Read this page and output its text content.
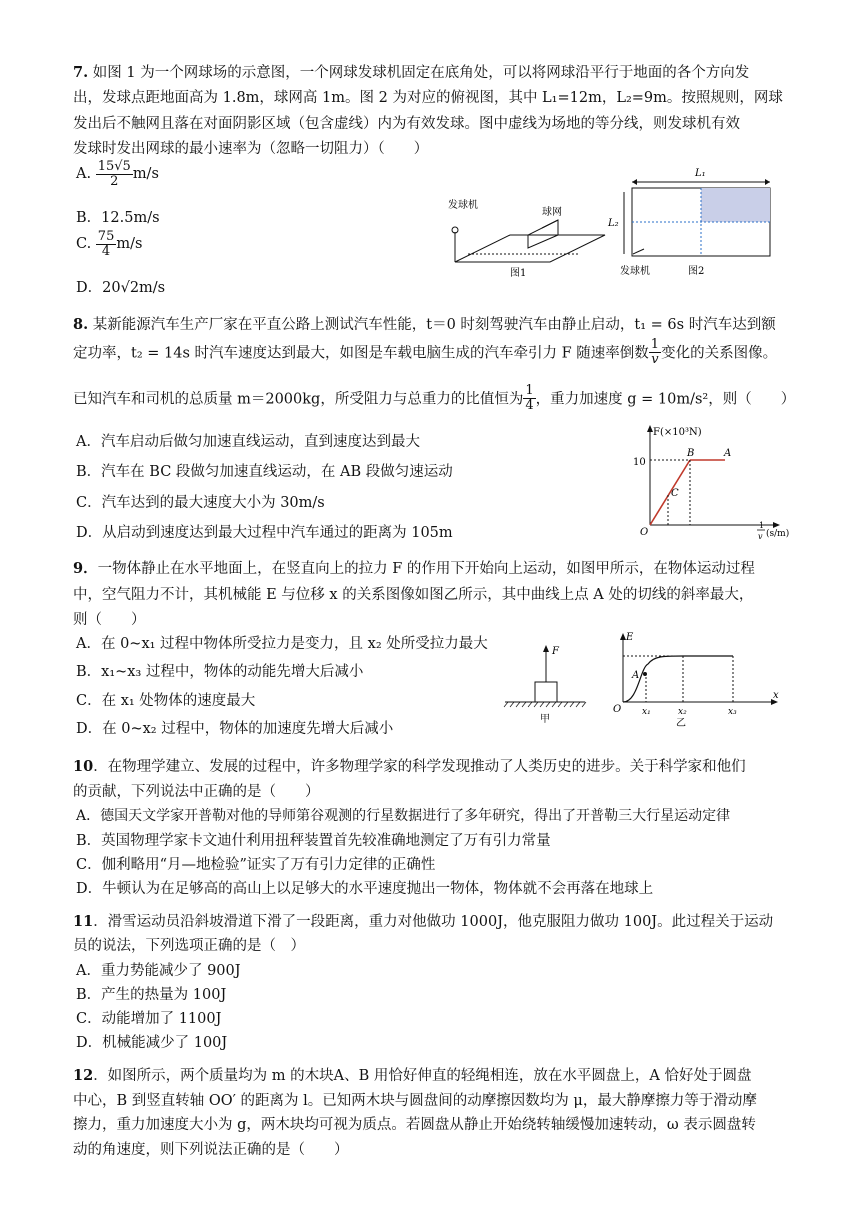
7. 如图 1 为一个网球场的示意图，一个网球发球机固定在底角处，可以将网球沿平行于地面的各个方向发
出，发球点距地面高为 1.8m，球网高 1m。图 2 为对应的俯视图，其中 L₁=12m，L₂=9m。按照规则，网球
发出后不触网且落在对面阴影区域（包含虚线）内为有效发球。图中虚线为场地的等分线，则发球机有效
发球时发出网球的最小速率为（忽略一切阻力）（　　）
A. $\frac{15√5}{2} m/s$
B．12.5m/s
C. $\frac{75}{4} m/s$
D．20√2m/s
发球机
球网
图1
L₁
L₂
发球机	图2
8. 某新能源汽车生产厂家在平直公路上测试汽车性能，t＝0 时刻驾驶汽车由静止启动，t₁ = 6s 时汽车达到额
定功率，t₂ = 14s 时汽车速度达到最大，如图是车载电脑生成的汽车牵引力 F 随速率倒数 $\frac{1}{v}$ 变化的关系图像。
已知汽车和司机的总质量 m＝2000kg，所受阻力与总重力的比值恒为 $\frac{1}{4}$ ，重力加速度 g = 10m/s²，则（　　）
A．汽车启动后做匀加速直线运动，直到速度达到最大
B．汽车在 BC 段做匀加速直线运动，在 AB 段做匀速运动
C．汽车达到的最大速度大小为 30m/s
D．从启动到速度达到最大过程中汽车通过的距离为 105m
F(×10³N)
10
B	A
C
O
1
v (s/m)
9．一物体静止在水平地面上，在竖直向上的拉力 F 的作用下开始向上运动，如图甲所示，在物体运动过程
中，空气阻力不计，其机械能 E 与位移 x 的关系图像如图乙所示，其中曲线上点 A 处的切线的斜率最大，
则（　　）
A．在 0~x₁ 过程中物体所受拉力是变力，且 x₂ 处所受拉力最大
B．x₁~x₃ 过程中，物体的动能先增大后减小
C．在 x₁ 处物体的速度最大
D．在 0~x₂ 过程中，物体的加速度先增大后减小
F
甲
E
x
O
A
x₁	x₂	x₃
乙
10．在物理学建立、发展的过程中，许多物理学家的科学发现推动了人类历史的进步。关于科学家和他们
的贡献，下列说法中正确的是（　　）
A．德国天文学家开普勒对他的导师第谷观测的行星数据进行了多年研究，得出了开普勒三大行星运动定律
B．英国物理学家卡文迪什利用扭秤装置首先较准确地测定了万有引力常量
C．伽利略用“月—地检验”证实了万有引力定律的正确性
D．牛顿认为在足够高的高山上以足够大的水平速度抛出一物体，物体就不会再落在地球上
11．滑雪运动员沿斜坡滑道下滑了一段距离，重力对他做功 1000J，他克服阻力做功 100J。此过程关于运动
员的说法，下列选项正确的是（　）
A．重力势能减少了 900J
B．产生的热量为 100J
C．动能增加了 1100J
D．机械能减少了 100J
12．如图所示，两个质量均为 m 的木块A、B 用恰好伸直的轻绳相连，放在水平圆盘上，A 恰好处于圆盘
中心，B 到竖直转轴 OO′ 的距离为 l。已知两木块与圆盘间的动摩擦因数均为 μ，最大静摩擦力等于滑动摩
擦力，重力加速度大小为 g，两木块均可视为质点。若圆盘从静止开始绕转轴缓慢加速转动，ω 表示圆盘转
动的角速度，则下列说法正确的是（　　）
